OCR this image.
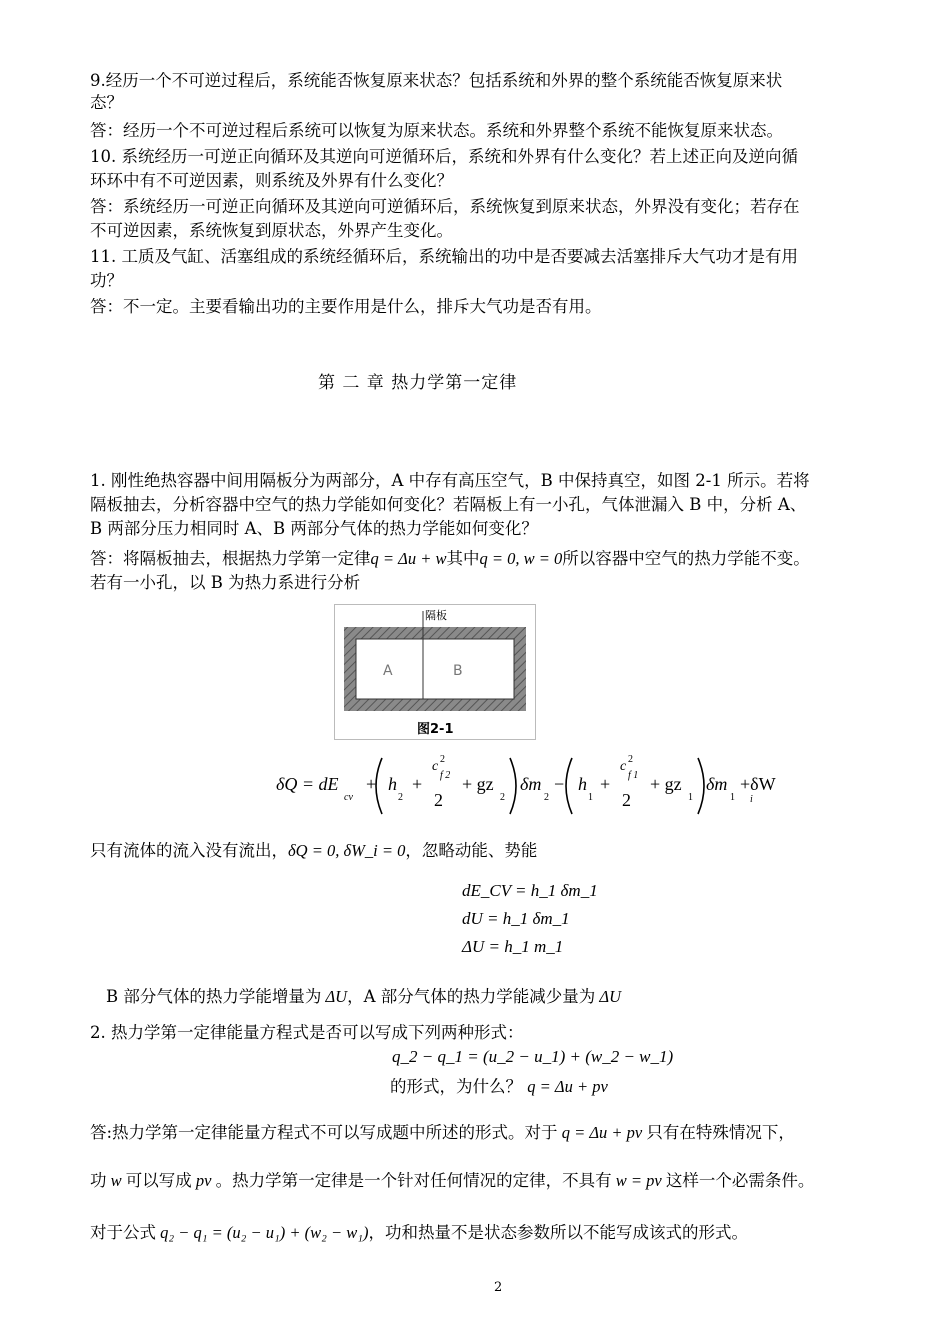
9.经历一个不可逆过程后，系统能否恢复原来状态？包括系统和外界的整个系统能否恢复原来状
态？
答：经历一个不可逆过程后系统可以恢复为原来状态。系统和外界整个系统不能恢复原来状态。
10. 系统经历一可逆正向循环及其逆向可逆循环后，系统和外界有什么变化？若上述正向及逆向循
环环中有不可逆因素，则系统及外界有什么变化？
答：系统经历一可逆正向循环及其逆向可逆循环后，系统恢复到原来状态，外界没有变化；若存在
不可逆因素，系统恢复到原状态，外界产生变化。
11. 工质及气缸、活塞组成的系统经循环后，系统输出的功中是否要减去活塞排斥大气功才是有用
功？
答：不一定。主要看输出功的主要作用是什么，排斥大气功是否有用。
第 二 章 热力学第一定律
1. 刚性绝热容器中间用隔板分为两部分，A 中存有高压空气，B 中保持真空，如图 2-1 所示。若将
隔板抽去，分析容器中空气的热力学能如何变化？若隔板上有一小孔，气体泄漏入 B 中，分析 A、
B 两部分压力相同时 A、B 两部分气体的热力学能如何变化？
答：将隔板抽去，根据热力学第一定律q = Δu + w其中q = 0, w = 0所以容器中空气的热力学能不变。
若有一小孔，以 B 为热力系进行分析
隔板
A	B
图2-1
δQ = dE
cv
+ h
2
+
c 2
f 2
2
+ gz
2
δm
2
− h
1
+
c 2
f 1
2
+ gz
1
δm
1
+δW
i
只有流体的流入没有流出，δQ = 0, δW_i = 0，忽略动能、势能
dE_CV = h_1 δm_1
dU = h_1 δm_1
ΔU = h_1 m_1
B 部分气体的热力学能增量为 ΔU，A 部分气体的热力学能减少量为 ΔU
2. 热力学第一定律能量方程式是否可以写成下列两种形式：
q_2 − q_1 = (u_2 − u_1) + (w_2 − w_1)
的形式，为什么？ q = Δu + pv
答:热力学第一定律能量方程式不可以写成题中所述的形式。对于 q = Δu + pv 只有在特殊情况下，
功 w 可以写成 pv 。热力学第一定律是一个针对任何情况的定律，不具有 w = pv 这样一个必需条件。
对于公式 q₂ − q₁ = (u₂ − u₁) + (w₂ − w₁)，功和热量不是状态参数所以不能写成该式的形式。
2
